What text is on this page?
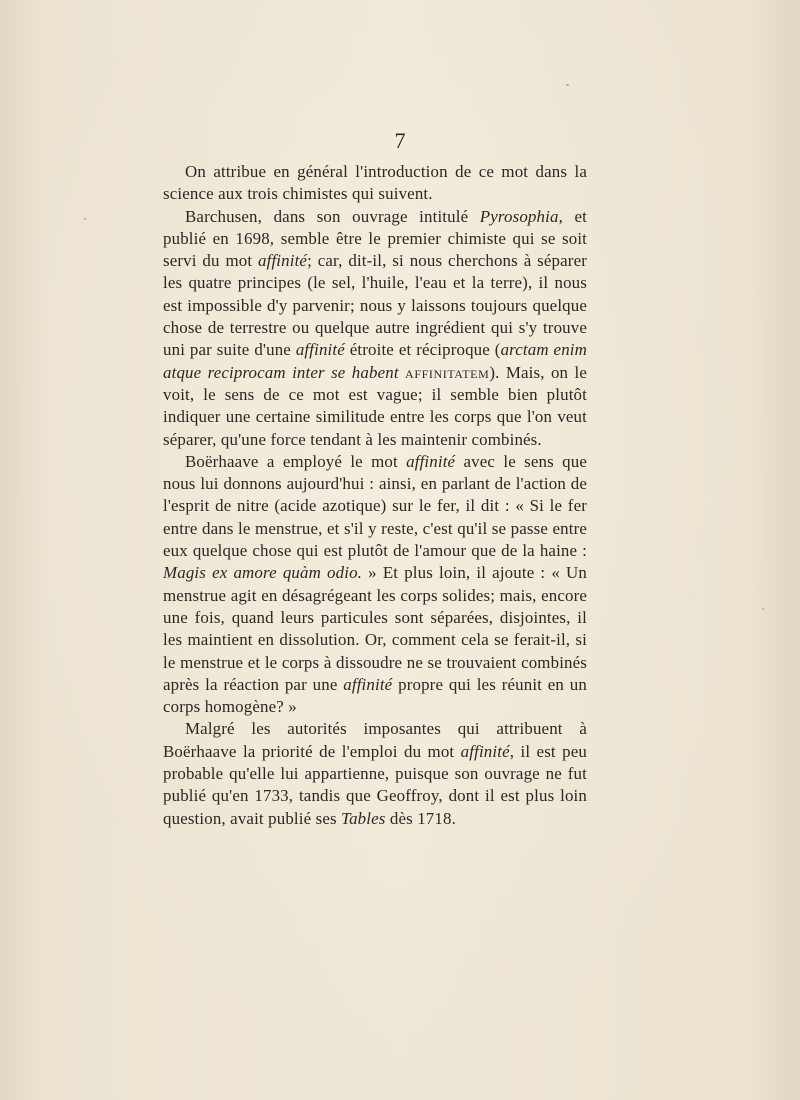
7

On attribue en général l'introduction de ce mot dans la science aux trois chimistes qui suivent.

Barchusen, dans son ouvrage intitulé Pyrosophia, et publié en 1698, semble être le premier chimiste qui se soit servi du mot affinité; car, dit-il, si nous cherchons à séparer les quatre principes (le sel, l'huile, l'eau et la terre), il nous est impossible d'y parvenir; nous y laissons toujours quelque chose de terrestre ou quelque autre ingrédient qui s'y trouve uni par suite d'une affinité étroite et réciproque (arctam enim atque reciprocam inter se habent affinitatem). Mais, on le voit, le sens de ce mot est vague; il semble bien plutôt indiquer une certaine similitude entre les corps que l'on veut séparer, qu'une force tendant à les maintenir combinés.

Boërhaave a employé le mot affinité avec le sens que nous lui donnons aujourd'hui : ainsi, en parlant de l'action de l'esprit de nitre (acide azotique) sur le fer, il dit : « Si le fer entre dans le menstrue, et s'il y reste, c'est qu'il se passe entre eux quelque chose qui est plutôt de l'amour que de la haine : Magis ex amore quàm odio. » Et plus loin, il ajoute : « Un menstrue agit en désagrégeant les corps solides; mais, encore une fois, quand leurs particules sont séparées, disjointes, il les maintient en dissolution. Or, comment cela se ferait-il, si le menstrue et le corps à dissoudre ne se trouvaient combinés après la réaction par une affinité propre qui les réunit en un corps homogène? »

Malgré les autorités imposantes qui attribuent à Boërhaave la priorité de l'emploi du mot affinité, il est peu probable qu'elle lui appartienne, puisque son ouvrage ne fut publié qu'en 1733, tandis que Geoffroy, dont il est plus loin question, avait publié ses Tables dès 1718.
